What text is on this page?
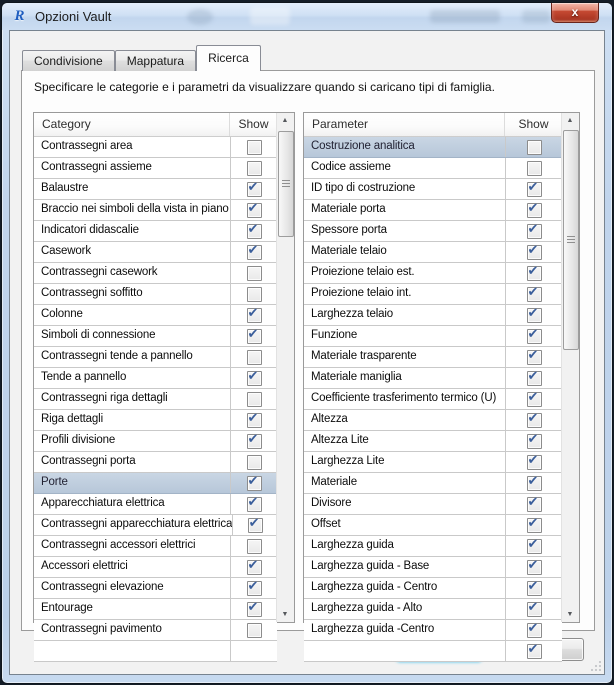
R Opzioni Vault	x
Condivisione Mappatura Ricerca
Specificare le categorie e i parametri da visualizzare quando si caricano tipi di famiglia.
Category	Show
Contrassegni area
Contrassegni assieme
Balaustre	✔
Braccio nei simboli della vista in piano ✔
Indicatori didascalie	✔
Casework	✔
Contrassegni casework
Contrassegni soffitto
Colonne	✔
Simboli di connessione	✔
Contrassegni tende a pannello
Tende a pannello	✔
Contrassegni riga dettagli
Riga dettagli	✔
Profili divisione	✔
Contrassegni porta
Porte	✔
Apparecchiatura elettrica	✔
Contrassegni apparecchiatura elettrica ✔
Contrassegni accessori elettrici
Accessori elettrici	✔
Contrassegni elevazione	✔
Entourage	✔
Contrassegni pavimento
▲
▼
Parameter	Show
Costruzione analitica
Codice assieme
ID tipo di costruzione	✔
Materiale porta	✔
Spessore porta	✔
Materiale telaio	✔
Proiezione telaio est.	✔
Proiezione telaio int.	✔
Larghezza telaio	✔
Funzione	✔
Materiale trasparente	✔
Materiale maniglia	✔
Coefficiente trasferimento termico (U)	✔
Altezza	✔
Altezza Lite	✔
Larghezza Lite	✔
Materiale	✔
Divisore	✔
Offset	✔
Larghezza guida	✔
Larghezza guida - Base	✔
Larghezza guida - Centro	✔
Larghezza guida - Alto	✔
Larghezza guida -Centro	✔
✔
▲
▼
